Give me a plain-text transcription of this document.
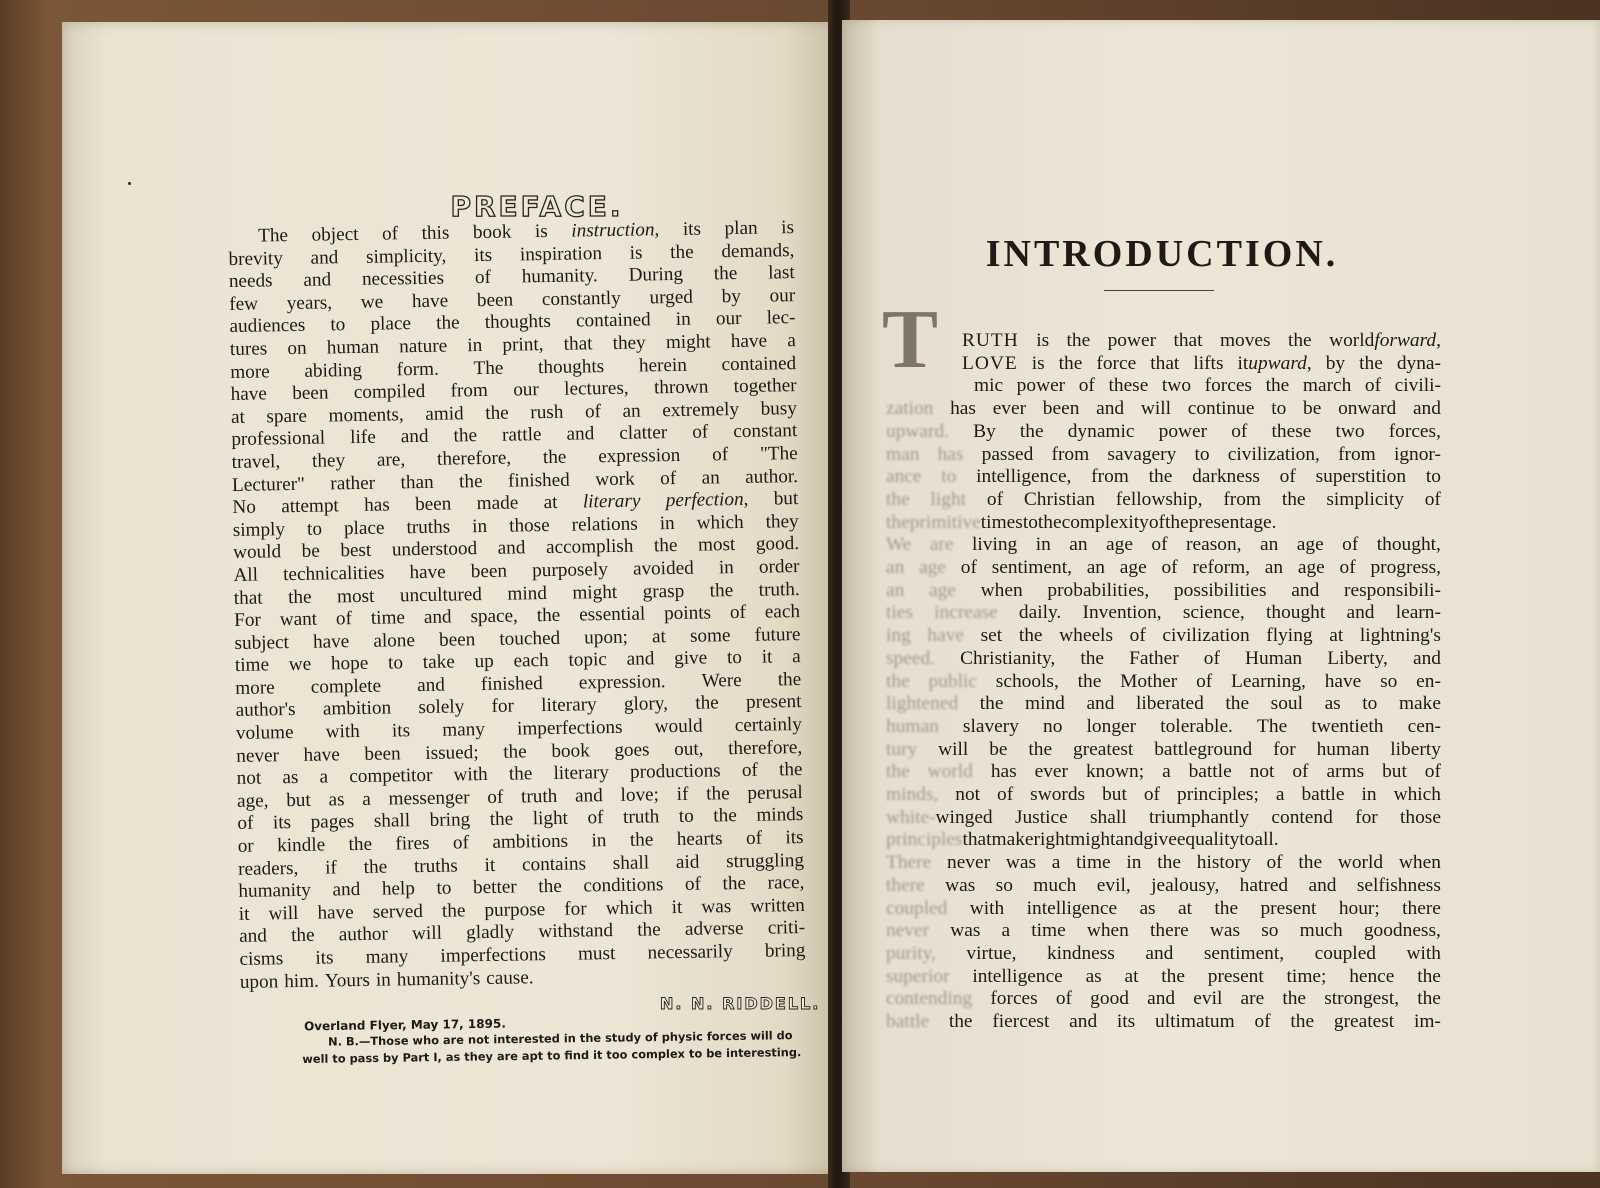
PREFACE.
The object of this book is instruction, its plan is
brevity and simplicity, its inspiration is the demands,
needs and necessities of humanity. During the last
few years, we have been constantly urged by our
audiences to place the thoughts contained in our lec-
tures on human nature in print, that they might have a
more abiding form. The thoughts herein contained
have been compiled from our lectures, thrown together
at spare moments, amid the rush of an extremely busy
professional life and the rattle and clatter of constant
travel, they are, therefore, the expression of "The
Lecturer" rather than the finished work of an author.
No attempt has been made at literary perfection, but
simply to place truths in those relations in which they
would be best understood and accomplish the most good.
All technicalities have been purposely avoided in order
that the most uncultured mind might grasp the truth.
For want of time and space, the essential points of each
subject have alone been touched upon; at some future
time we hope to take up each topic and give to it a
more complete and finished expression. Were the
author's ambition solely for literary glory, the present
volume with its many imperfections would certainly
never have been issued; the book goes out, therefore,
not as a competitor with the literary productions of the
age, but as a messenger of truth and love; if the perusal
of its pages shall bring the light of truth to the minds
or kindle the fires of ambitions in the hearts of its
readers, if the truths it contains shall aid struggling
humanity and help to better the conditions of the race,
it will have served the purpose for which it was written
and the author will gladly withstand the adverse criti-
cisms its many imperfections must necessarily bring
upon him. Yours in humanity's cause.
N. N. RIDDELL.
Overland Flyer, May 17, 1895.
N. B.—Those who are not interested in the study of physic forces will do
well to pass by Part I, as they are apt to find it too complex to be interesting.
INTRODUCTION.
T	RUTH is the power that moves the worldforward,
LOVE is the force that lifts itupward, by the dyna-
mic power of these two forces the march of civili-
zation has ever been and will continue to be onward and
upward. By the dynamic power of these two forces,
man has passed from savagery to civilization, from ignor-
ance to intelligence, from the darkness of superstition to
the light of Christian fellowship, from the simplicity of
the primitive times to the complexity of the present age.
We are living in an age of reason, an age of thought,
an age of sentiment, an age of reform, an age of progress,
an age when probabilities, possibilities and responsibili-
ties increase daily. Invention, science, thought and learn-
ing have set the wheels of civilization flying at lightning's
speed. Christianity, the Father of Human Liberty, and
the public schools, the Mother of Learning, have so en-
lightened the mind and liberated the soul as to make
human slavery no longer tolerable. The twentieth cen-
tury will be the greatest battleground for human liberty
the world has ever known; a battle not of arms but of
minds, not of swords but of principles; a battle in which
white-winged Justice shall triumphantly contend for those
principles that make right might and give equality to all.
There never was a time in the history of the world when
there was so much evil, jealousy, hatred and selfishness
coupled with intelligence as at the present hour; there
never was a time when there was so much goodness,
purity, virtue, kindness and sentiment, coupled with
superior intelligence as at the present time; hence the
contending forces of good and evil are the strongest, the
battle the fiercest and its ultimatum of the greatest im-
